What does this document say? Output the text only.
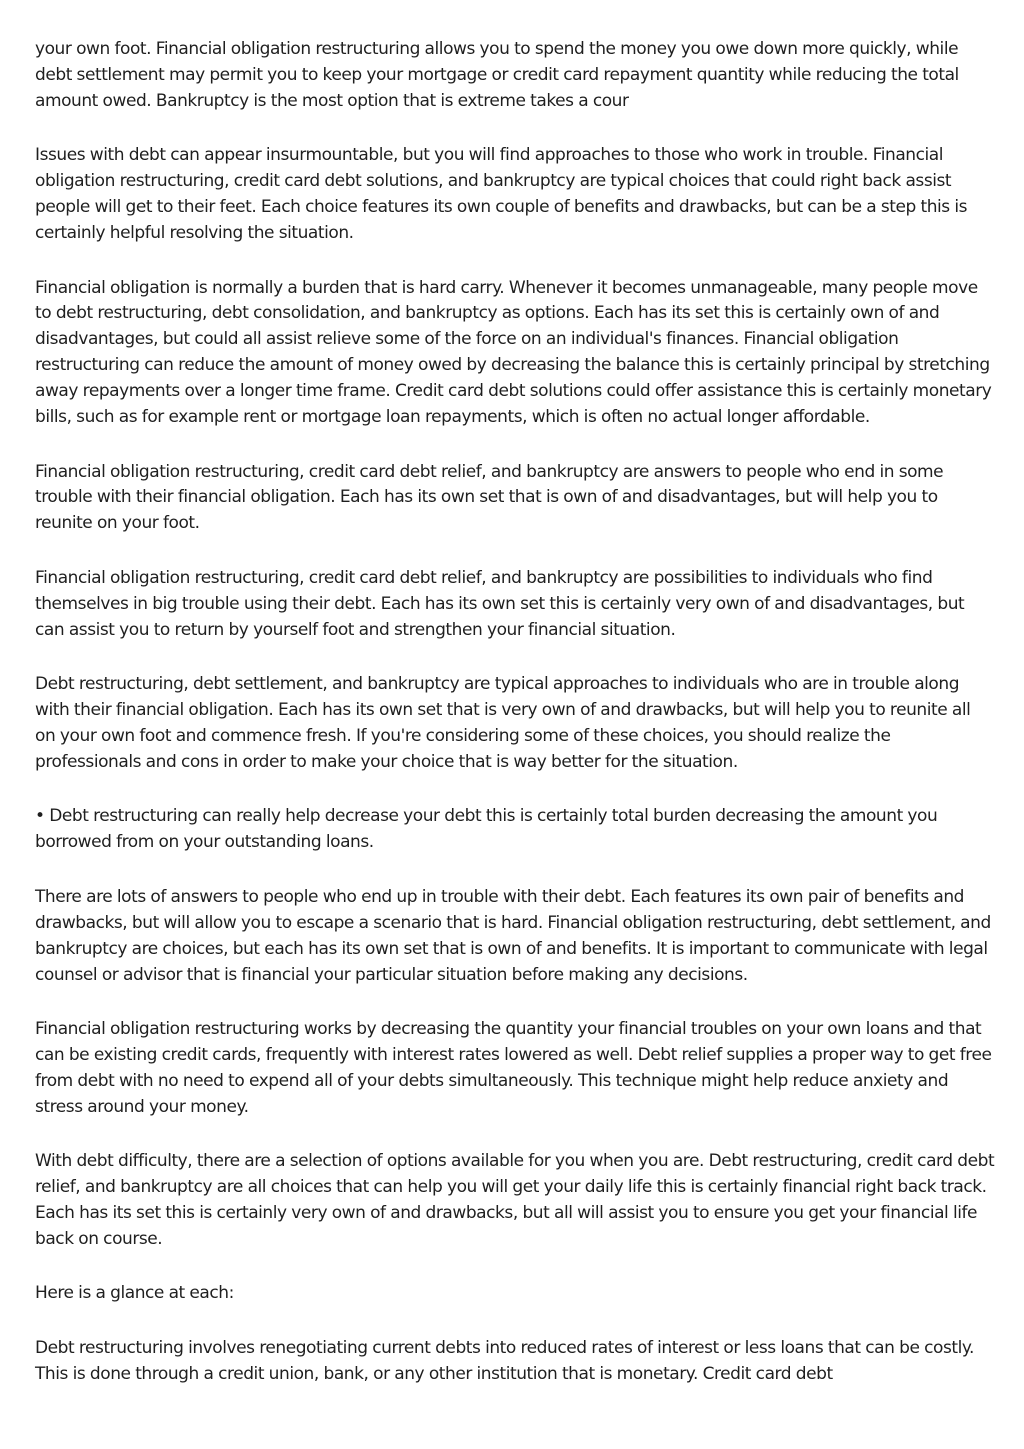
your own foot. Financial obligation restructuring allows you to spend the money you owe down more quickly, while debt settlement may permit you to keep your mortgage or credit card repayment quantity while reducing the total amount owed. Bankruptcy is the most option that is extreme takes a cour

Issues with debt can appear insurmountable, but you will find approaches to those who work in trouble. Financial obligation restructuring, credit card debt solutions, and bankruptcy are typical choices that could right back assist people will get to their feet. Each choice features its own couple of benefits and drawbacks, but can be a step this is certainly helpful resolving the situation.

Financial obligation is normally a burden that is hard carry. Whenever it becomes unmanageable, many people move to debt restructuring, debt consolidation, and bankruptcy as options. Each has its set this is certainly own of and disadvantages, but could all assist relieve some of the force on an individual's finances. Financial obligation restructuring can reduce the amount of money owed by decreasing the balance this is certainly principal by stretching away repayments over a longer time frame. Credit card debt solutions could offer assistance this is certainly monetary bills, such as for example rent or mortgage loan repayments, which is often no actual longer affordable.

Financial obligation restructuring, credit card debt relief, and bankruptcy are answers to people who end in some trouble with their financial obligation. Each has its own set that is own of and disadvantages, but will help you to reunite on your foot.

Financial obligation restructuring, credit card debt relief, and bankruptcy are possibilities to individuals who find themselves in big trouble using their debt. Each has its own set this is certainly very own of and disadvantages, but can assist you to return by yourself foot and strengthen your financial situation.

Debt restructuring, debt settlement, and bankruptcy are typical approaches to individuals who are in trouble along with their financial obligation. Each has its own set that is very own of and drawbacks, but will help you to reunite all on your own foot and commence fresh. If you're considering some of these choices, you should realize the professionals and cons in order to make your choice that is way better for the situation.

• Debt restructuring can really help decrease your debt this is certainly total burden decreasing the amount you borrowed from on your outstanding loans.

There are lots of answers to people who end up in trouble with their debt. Each features its own pair of benefits and drawbacks, but will allow you to escape a scenario that is hard. Financial obligation restructuring, debt settlement, and bankruptcy are choices, but each has its own set that is own of and benefits. It is important to communicate with legal counsel or advisor that is financial your particular situation before making any decisions.

Financial obligation restructuring works by decreasing the quantity your financial troubles on your own loans and that can be existing credit cards, frequently with interest rates lowered as well. Debt relief supplies a proper way to get free from debt with no need to expend all of your debts simultaneously. This technique might help reduce anxiety and stress around your money.

With debt difficulty, there are a selection of options available for you when you are. Debt restructuring, credit card debt relief, and bankruptcy are all choices that can help you will get your daily life this is certainly financial right back track. Each has its set this is certainly very own of and drawbacks, but all will assist you to ensure you get your financial life back on course.

Here is a glance at each:

Debt restructuring involves renegotiating current debts into reduced rates of interest or less loans that can be costly. This is done through a credit union, bank, or any other institution that is monetary. Credit card debt
